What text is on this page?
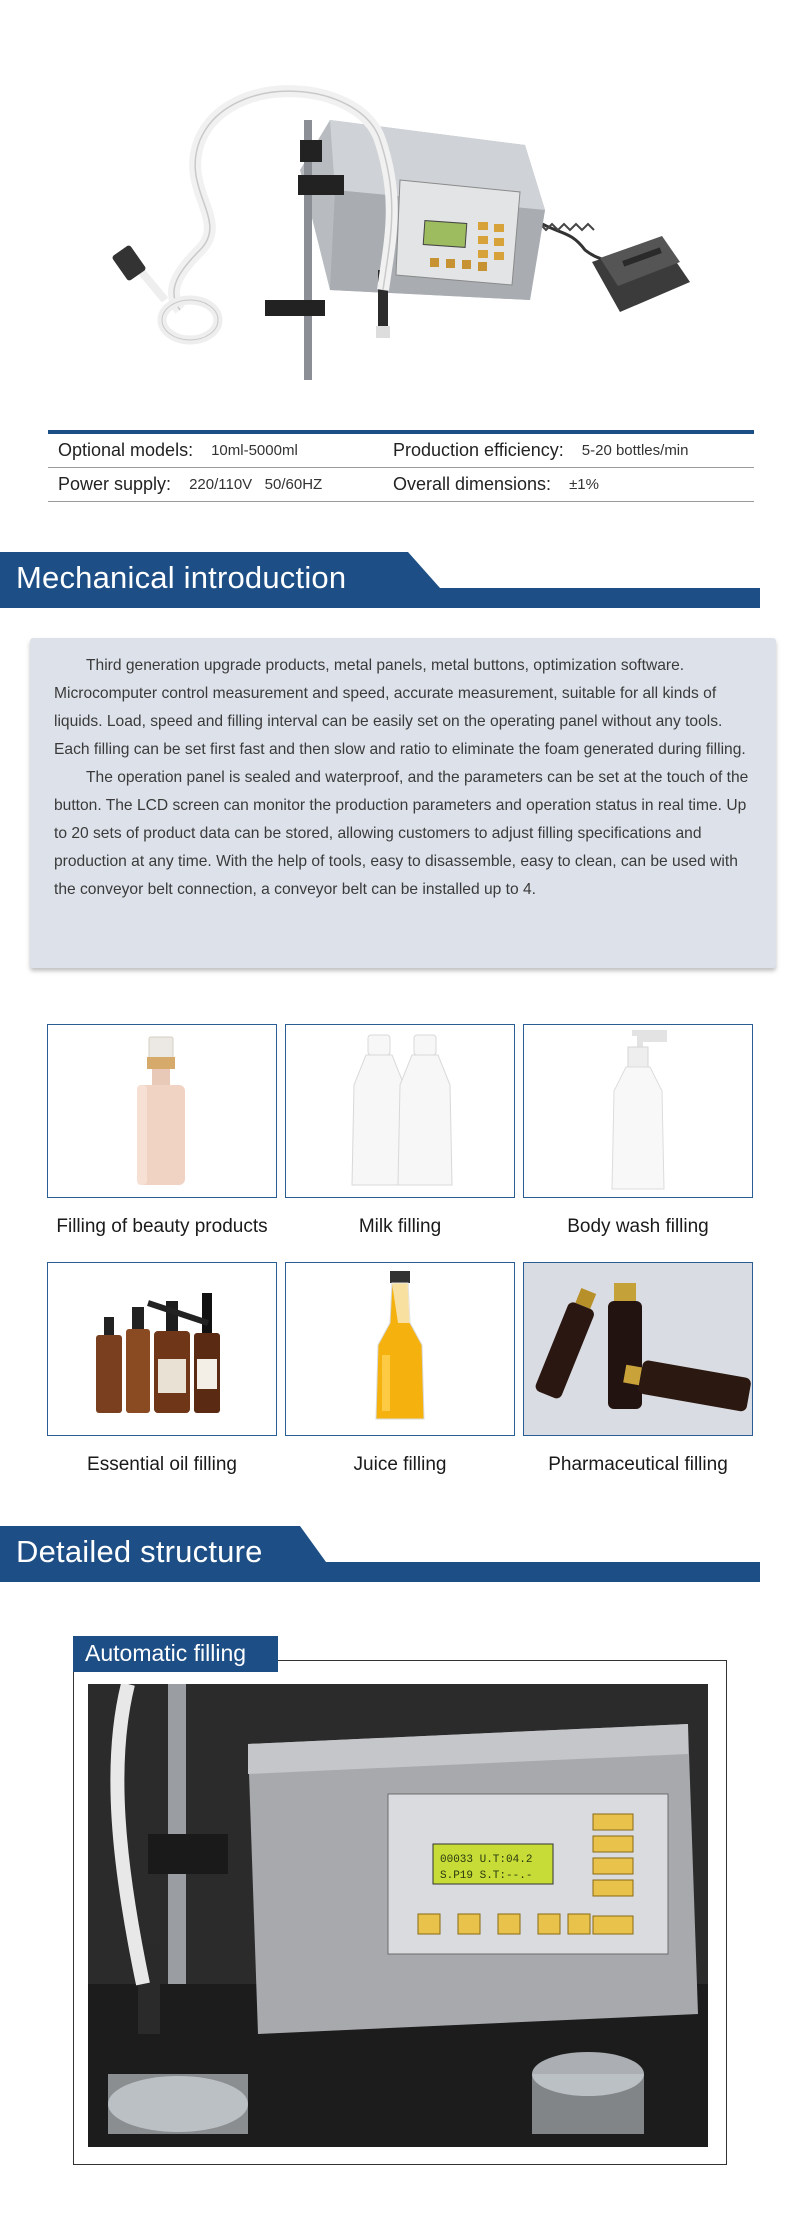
Optional models: 10ml-5000ml	Production efficiency: 5-20 bottles/min
Power supply: 220/110V   50/60HZ	Overall dimensions: ±1%
Mechanical introduction

Third generation upgrade products, metal panels, metal buttons, optimization software. Microcomputer control measurement and speed, accurate measurement, suitable for all kinds of liquids. Load, speed and filling interval can be easily set on the operating panel without any tools. Each filling can be set first fast and then slow and ratio to eliminate the foam generated during filling.

The operation panel is sealed and waterproof, and the parameters can be set at the touch of the button. The LCD screen can monitor the production parameters and operation status in real time. Up to 20 sets of product data can be stored, allowing customers to adjust filling specifications and production at any time. With the help of tools, easy to disassemble, easy to clean, can be used with the conveyor belt connection, a conveyor belt can be installed up to 4.

Filling of beauty products	Milk filling	Body wash filling
Essential oil filling	Juice filling	Pharmaceutical filling
Detailed structure
00033 U.T:04.2
S.P19 S.T:--.-
Automatic filling
